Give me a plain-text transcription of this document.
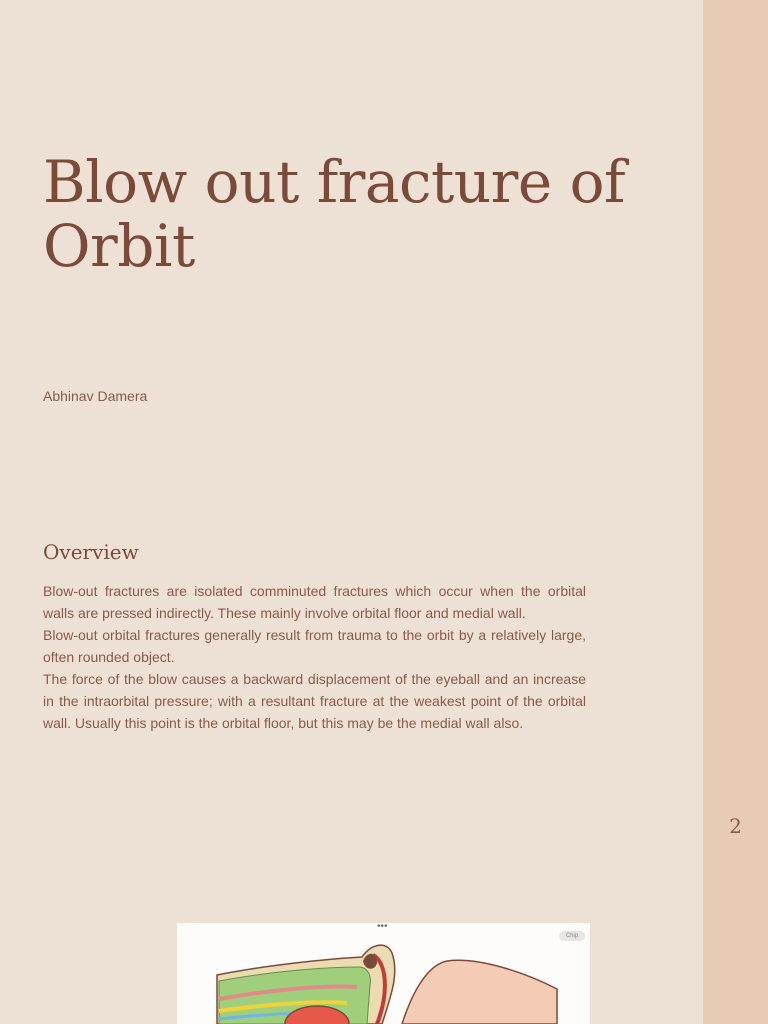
2
Blow out fracture of Orbit

Abhinav Damera

Overview

Blow-out fractures are isolated comminuted fractures which occur when the orbital walls are pressed indirectly. These mainly involve orbital floor and medial wall.

Blow-out orbital fractures generally result from trauma to the orbit by a relatively large, often rounded object.

The force of the blow causes a backward displacement of the eyeball and an increase in the intraorbital pressure; with a resultant fracture at the weakest point of the orbital wall. Usually this point is the orbital floor, but this may be the medial wall also.

•••
Chip
